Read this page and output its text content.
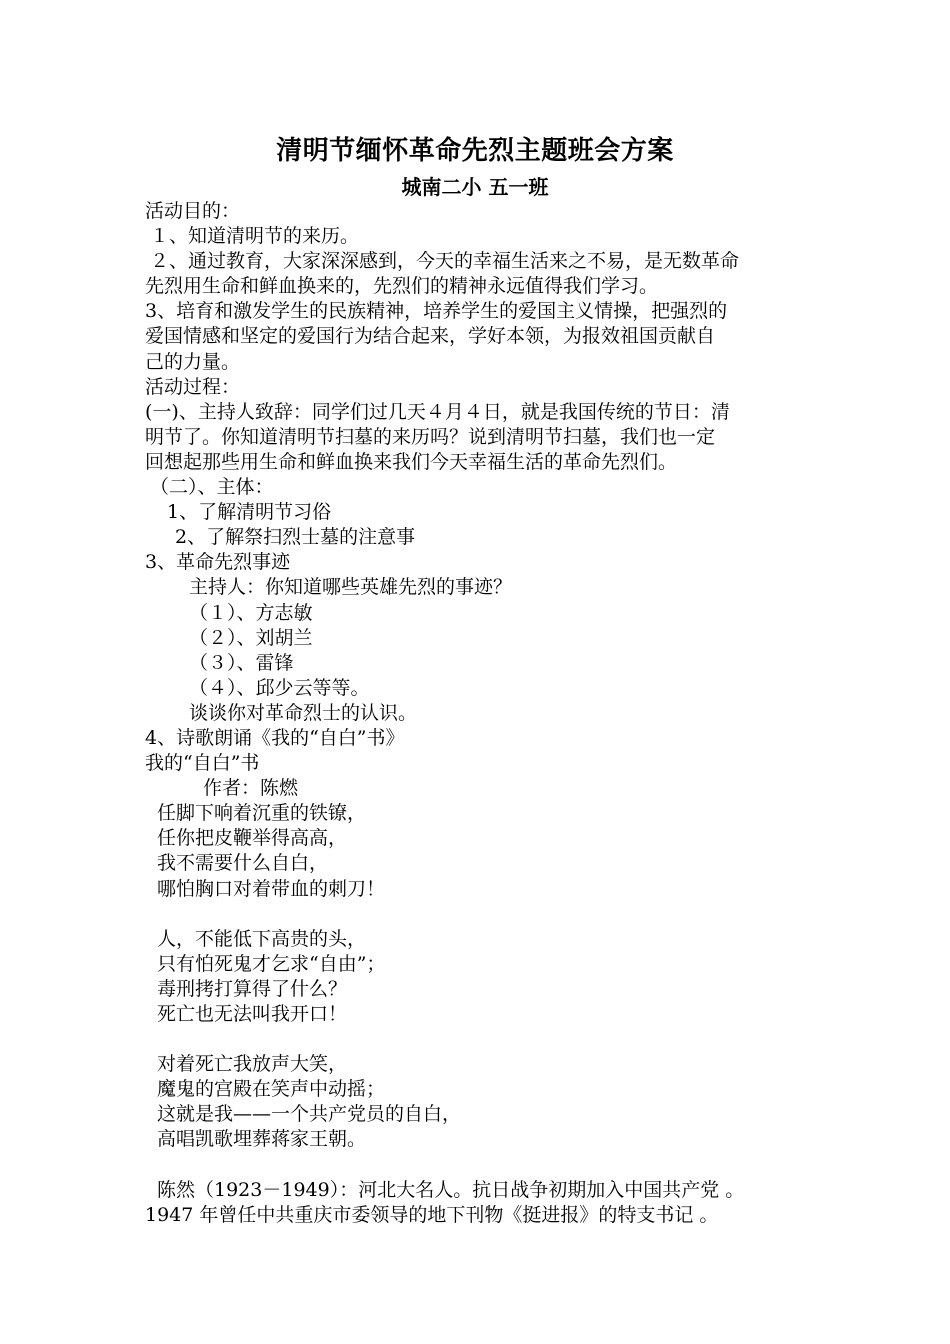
清明节缅怀革命先烈主题班会方案
城南二小 五一班
活动目的：
１、知道清明节的来历。
２、通过教育，大家深深感到，今天的幸福生活来之不易，是无数革命
先烈用生命和鲜血换来的，先烈们的精神永远值得我们学习。
3、培育和激发学生的民族精神，培养学生的爱国主义情操，把强烈的
爱国情感和坚定的爱国行为结合起来，学好本领，为报效祖国贡献自
己的力量。
活动过程：
(一)、主持人致辞：同学们过几天４月４日，就是我国传统的节日：清
明节了。你知道清明节扫墓的来历吗？说到清明节扫墓，我们也一定
回想起那些用生命和鲜血换来我们今天幸福生活的革命先烈们。
（二）、主体：
1、了解清明节习俗
2、了解祭扫烈士墓的注意事
3、革命先烈事迹
主持人：你知道哪些英雄先烈的事迹？
（１）、方志敏
（２）、刘胡兰
（３）、雷锋
（４）、邱少云等等。
谈谈你对革命烈士的认识。
4、诗歌朗诵《我的“自白”书》
我的“自白”书
作者：陈燃
任脚下响着沉重的铁镣，
任你把皮鞭举得高高，
我不需要什么自白，
哪怕胸口对着带血的刺刀！
人，不能低下高贵的头，
只有怕死鬼才乞求“自由”；
毒刑拷打算得了什么？
死亡也无法叫我开口！
对着死亡我放声大笑，
魔鬼的宫殿在笑声中动摇；
这就是我——一个共产党员的自白，
高唱凯歌埋葬蒋家王朝。
陈然（1923－1949）：河北大名人。抗日战争初期加入中国共产党 。
1947 年曾任中共重庆市委领导的地下刊物《挺进报》的特支书记 。
